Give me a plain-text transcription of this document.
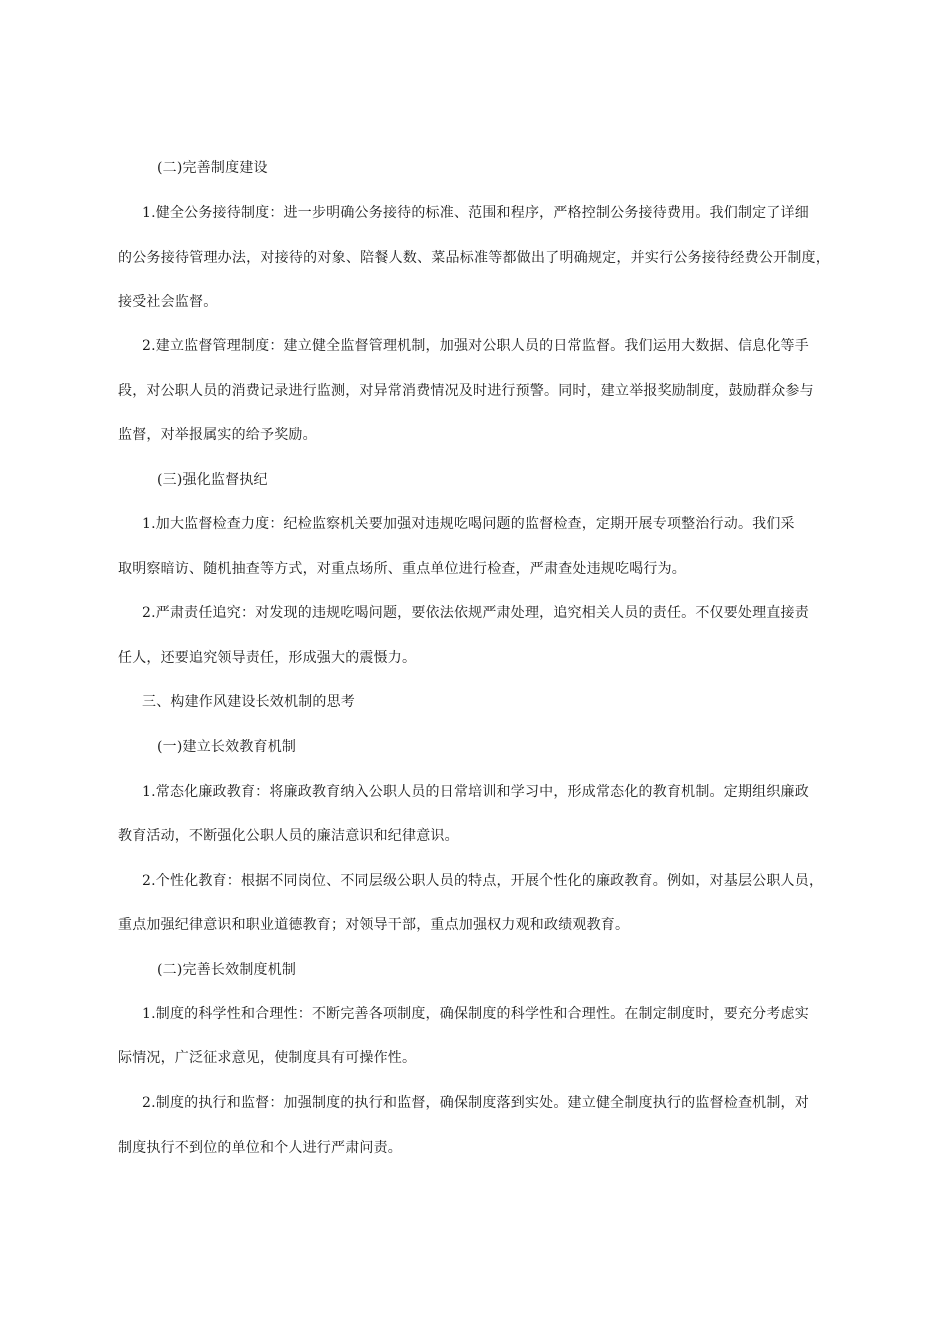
(二)完善制度建设
1.健全公务接待制度：进一步明确公务接待的标准、范围和程序，严格控制公务接待费用。我们制定了详细
的公务接待管理办法，对接待的对象、陪餐人数、菜品标准等都做出了明确规定，并实行公务接待经费公开制度，
接受社会监督。
2.建立监督管理制度：建立健全监督管理机制，加强对公职人员的日常监督。我们运用大数据、信息化等手
段，对公职人员的消费记录进行监测，对异常消费情况及时进行预警。同时，建立举报奖励制度，鼓励群众参与
监督，对举报属实的给予奖励。
(三)强化监督执纪
1.加大监督检查力度：纪检监察机关要加强对违规吃喝问题的监督检查，定期开展专项整治行动。我们采
取明察暗访、随机抽查等方式，对重点场所、重点单位进行检查，严肃查处违规吃喝行为。
2.严肃责任追究：对发现的违规吃喝问题，要依法依规严肃处理，追究相关人员的责任。不仅要处理直接责
任人，还要追究领导责任，形成强大的震慑力。
三、构建作风建设长效机制的思考
(一)建立长效教育机制
1.常态化廉政教育：将廉政教育纳入公职人员的日常培训和学习中，形成常态化的教育机制。定期组织廉政
教育活动，不断强化公职人员的廉洁意识和纪律意识。
2.个性化教育：根据不同岗位、不同层级公职人员的特点，开展个性化的廉政教育。例如，对基层公职人员，
重点加强纪律意识和职业道德教育；对领导干部，重点加强权力观和政绩观教育。
(二)完善长效制度机制
1.制度的科学性和合理性：不断完善各项制度，确保制度的科学性和合理性。在制定制度时，要充分考虑实
际情况，广泛征求意见，使制度具有可操作性。
2.制度的执行和监督：加强制度的执行和监督，确保制度落到实处。建立健全制度执行的监督检查机制，对
制度执行不到位的单位和个人进行严肃问责。
